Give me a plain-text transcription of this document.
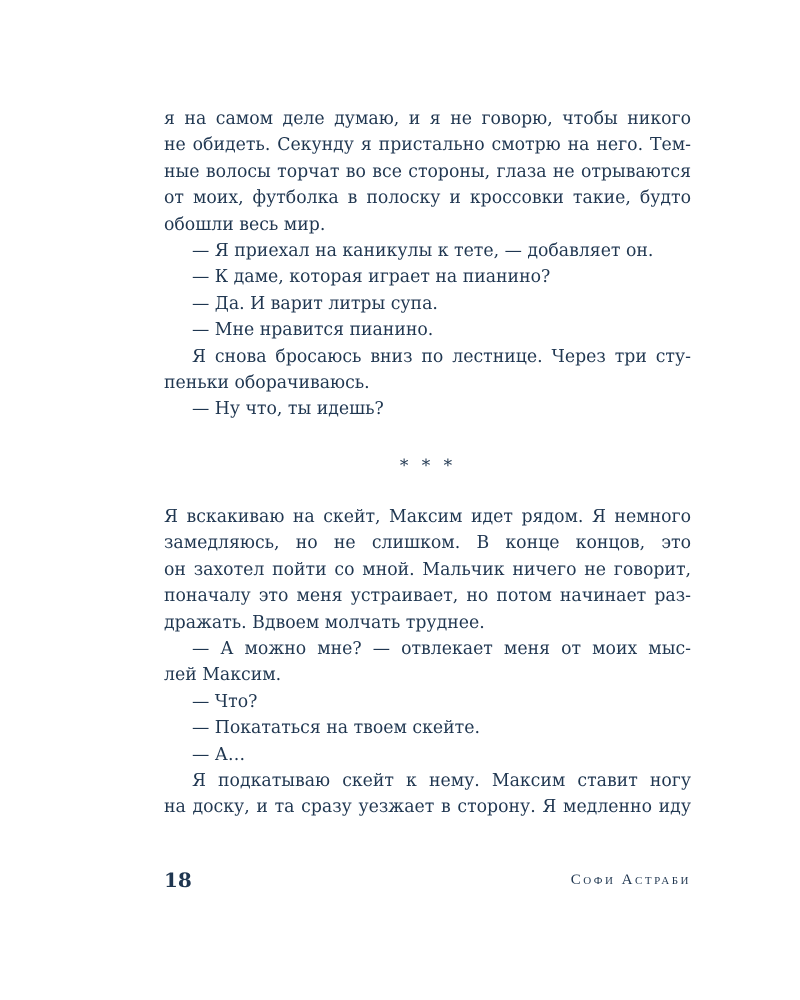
я на самом деле думаю, и я не говорю, чтобы никого
не обидеть. Секунду я пристально смотрю на него. Тем-
ные волосы торчат во все стороны, глаза не отрываются
от моих, футболка в полоску и кроссовки такие, будто
обошли весь мир.
— Я приехал на каникулы к тете, — добавляет он.
— К даме, которая играет на пианино?
— Да. И варит литры супа.
— Мне нравится пианино.
Я снова бросаюсь вниз по лестнице. Через три сту-
пеньки оборачиваюсь.
— Ну что, ты идешь?
* * *
Я вскакиваю на скейт, Максим идет рядом. Я немного
замедляюсь, но не слишком. В конце концов, это
он захотел пойти со мной. Мальчик ничего не говорит,
поначалу это меня устраивает, но потом начинает раз-
дражать. Вдвоем молчать труднее.
— А можно мне? — отвлекает меня от моих мыс-
лей Максим.
— Что?
— Покататься на твоем скейте.
— А…
Я подкатываю скейт к нему. Максим ставит ногу
на доску, и та сразу уезжает в сторону. Я медленно иду
18	Софи Астраби
